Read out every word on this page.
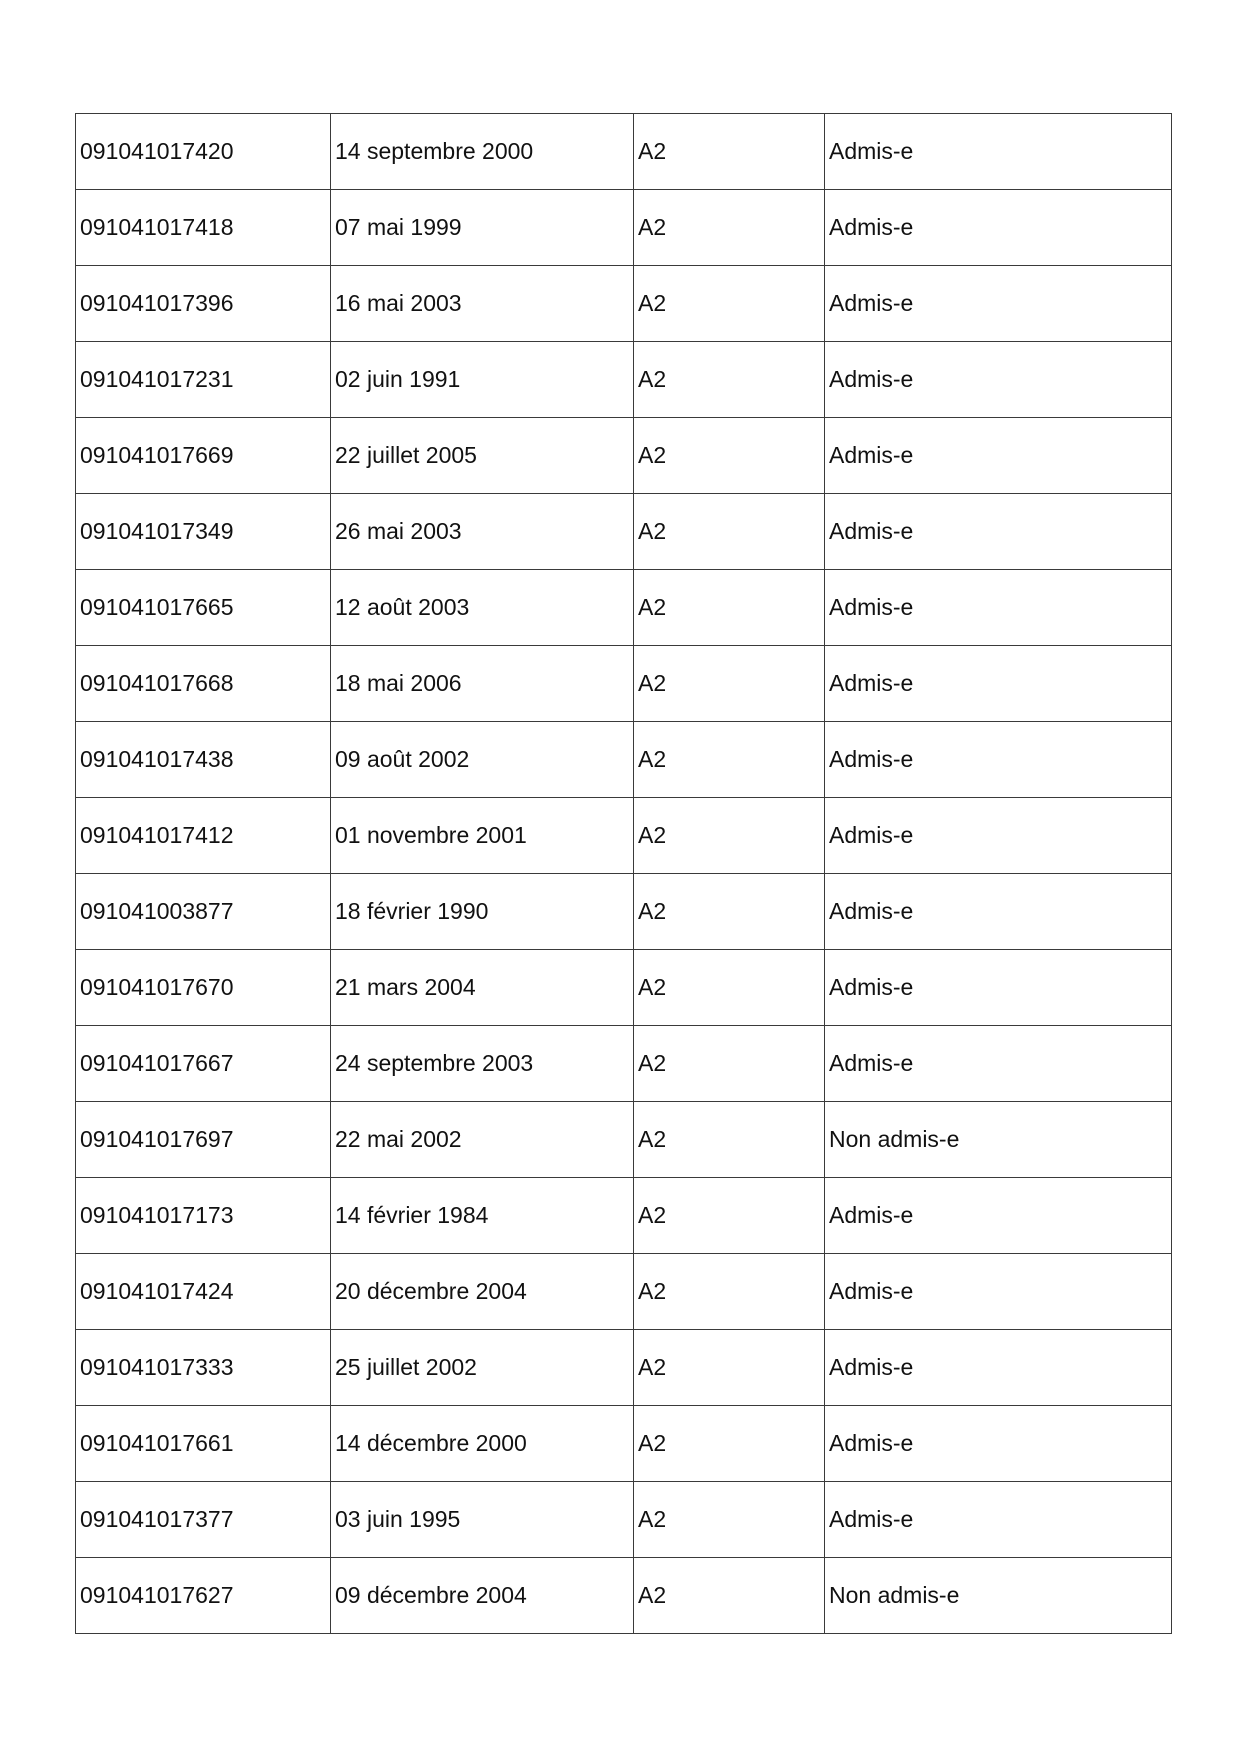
091041017420	14 septembre 2000	A2	Admis-e
091041017418	07 mai 1999	A2	Admis-e
091041017396	16 mai 2003	A2	Admis-e
091041017231	02 juin 1991	A2	Admis-e
091041017669	22 juillet 2005	A2	Admis-e
091041017349	26 mai 2003	A2	Admis-e
091041017665	12 août 2003	A2	Admis-e
091041017668	18 mai 2006	A2	Admis-e
091041017438	09 août 2002	A2	Admis-e
091041017412	01 novembre 2001	A2	Admis-e
091041003877	18 février 1990	A2	Admis-e
091041017670	21 mars 2004	A2	Admis-e
091041017667	24 septembre 2003	A2	Admis-e
091041017697	22 mai 2002	A2	Non admis-e
091041017173	14 février 1984	A2	Admis-e
091041017424	20 décembre 2004	A2	Admis-e
091041017333	25 juillet 2002	A2	Admis-e
091041017661	14 décembre 2000	A2	Admis-e
091041017377	03 juin 1995	A2	Admis-e
091041017627	09 décembre 2004	A2	Non admis-e
